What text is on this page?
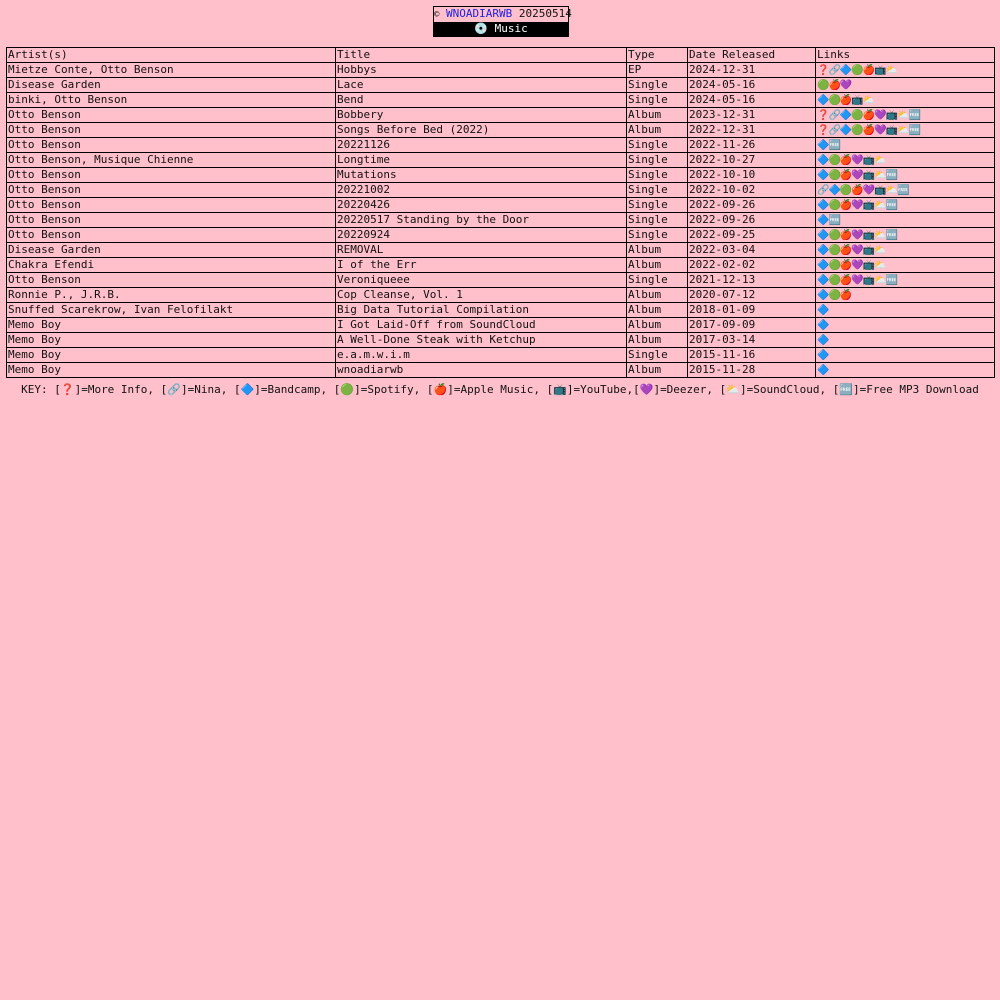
© WNOADIARWB 20250514
💿 Music
Artist(s)	Title	Type	Date Released	Links
Mietze Conte, Otto Benson	Hobbys	EP	2024-12-31	❓🔗🔷🟢🍎📺⛅
Disease Garden	Lace	Single	2024-05-16	🟢🍎💜
binki, Otto Benson	Bend	Single	2024-05-16	🔷🟢🍎📺⛅
Otto Benson	Bobbery	Album	2023-12-31	❓🔗🔷🟢🍎💜📺⛅🆓
Otto Benson	Songs Before Bed (2022)	Album	2022-12-31	❓🔗🔷🟢🍎💜📺⛅🆓
Otto Benson	20221126	Single	2022-11-26	🔷🆓
Otto Benson, Musique Chienne	Longtime	Single	2022-10-27	🔷🟢🍎💜📺⛅
Otto Benson	Mutations	Single	2022-10-10	🔷🟢🍎💜📺⛅🆓
Otto Benson	20221002	Single	2022-10-02	🔗🔷🟢🍎💜📺⛅🆓
Otto Benson	20220426	Single	2022-09-26	🔷🟢🍎💜📺⛅🆓
Otto Benson	20220517 Standing by the Door	Single	2022-09-26	🔷🆓
Otto Benson	20220924	Single	2022-09-25	🔷🟢🍎💜📺⛅🆓
Disease Garden	REMOVAL	Album	2022-03-04	🔷🟢🍎💜📺⛅
Chakra Efendi	I of the Err	Album	2022-02-02	🔷🟢🍎💜📺⛅
Otto Benson	Veroniqueee	Single	2021-12-13	🔷🟢🍎💜📺⛅🆓
Ronnie P., J.R.B.	Cop Cleanse, Vol. 1	Album	2020-07-12	🔷🟢🍎
Snuffed Scarekrow, Ivan Felofilakt	Big Data Tutorial Compilation	Album	2018-01-09	🔷
Memo Boy	I Got Laid-Off from SoundCloud	Album	2017-09-09	🔷
Memo Boy	A Well-Done Steak with Ketchup	Album	2017-03-14	🔷
Memo Boy	e.a.m.w.i.m	Single	2015-11-16	🔷
Memo Boy	wnoadiarwb	Album	2015-11-28	🔷
KEY: [❓]=More Info, [🔗]=Nina, [🔷]=Bandcamp, [🟢]=Spotify, [🍎]=Apple Music, [📺]=YouTube,[💜]=Deezer, [⛅]=SoundCloud, [🆓]=Free MP3 Download
